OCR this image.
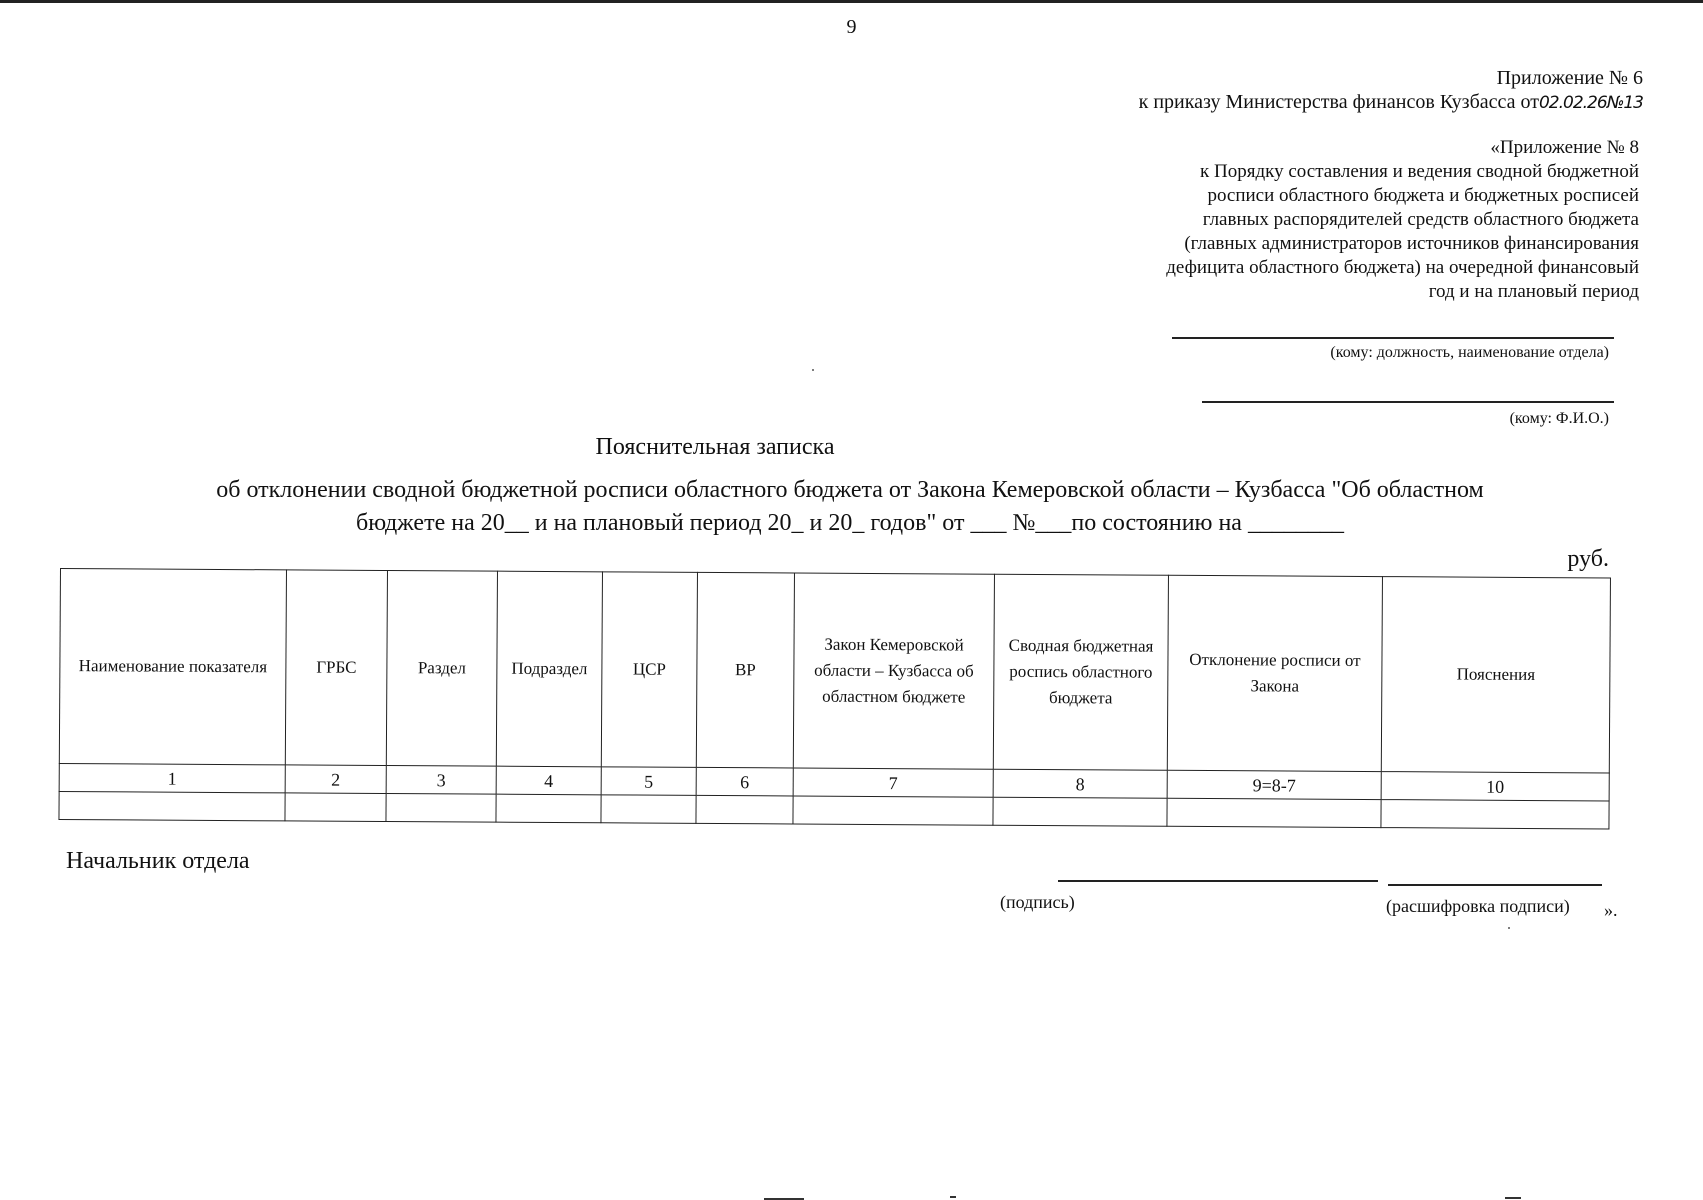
9
Приложение № 6
к приказу Министерства финансов Кузбасса от02.02.26№13
«Приложение № 8
к Порядку составления и ведения сводной бюджетной
росписи областного бюджета и бюджетных росписей
главных распорядителей средств областного бюджета
(главных администраторов источников финансирования
дефицита областного бюджета) на очередной финансовый
год и на плановый период
(кому: должность, наименование отдела)
(кому: Ф.И.О.)
Пояснительная записка
об отклонении сводной бюджетной росписи областного бюджета от Закона Кемеровской области – Кузбасса "Об областном
бюджете на 20__ и на плановый период 20_ и 20_ годов" от ___ №___по состоянию на ________
руб.
Наименование показателя	ГРБС	Раздел	Подраздел	ЦСР	ВР	Закон Кемеровской области – Кузбасса об областном бюджете	Сводная бюджетная роспись областного бюджета	Отклонение росписи от Закона	Пояснения
1	2	3	4	5	6	7	8	9=8-7	10

Начальник отдела
(подпись)	(расшифровка подписи) ».
